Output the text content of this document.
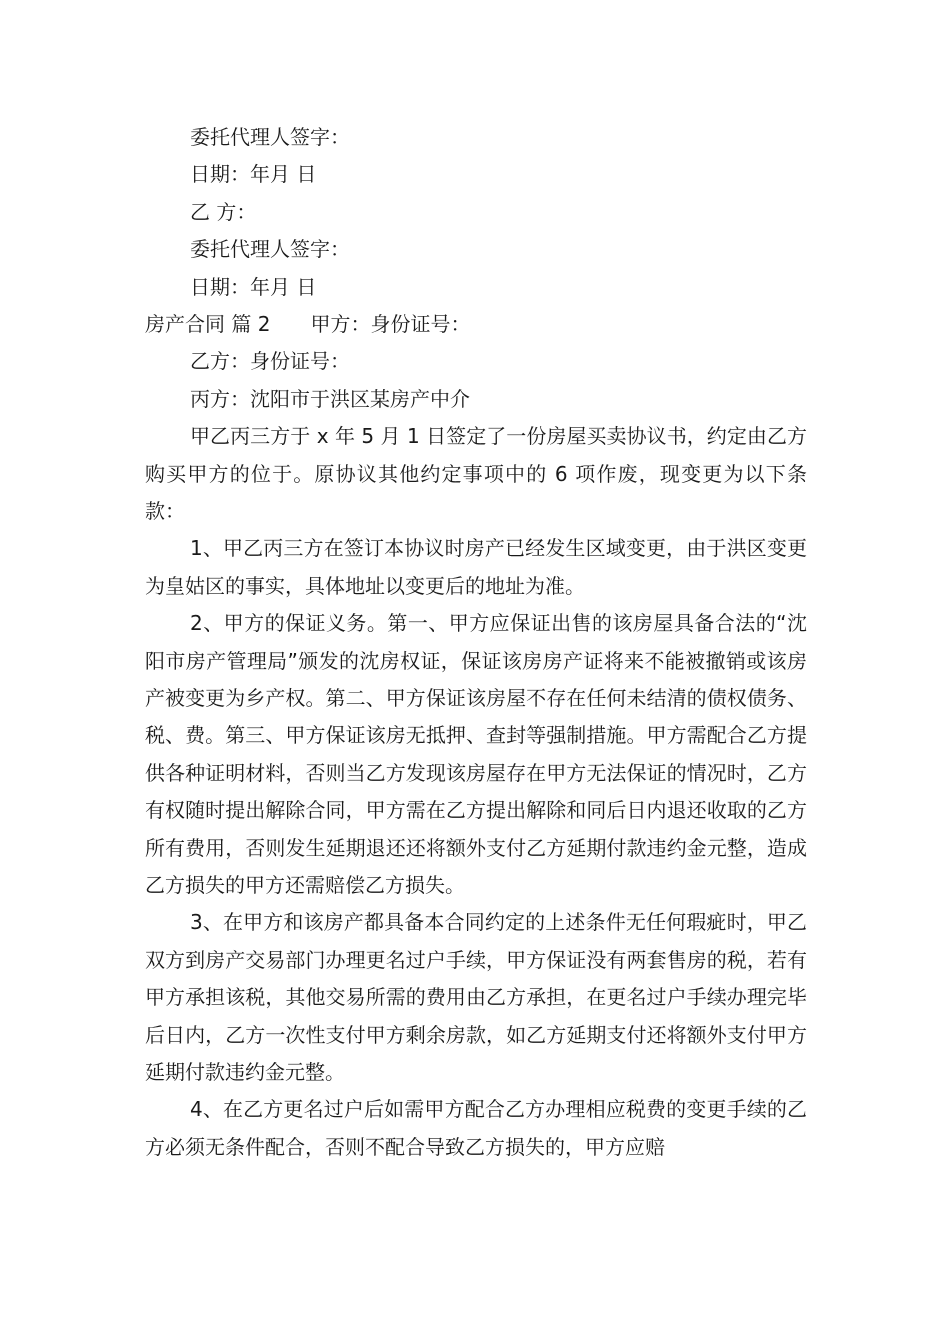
委托代理人签字：
日期：年月 日
乙 方：
委托代理人签字：
日期：年月 日
房产合同 篇 2 甲方：身份证号：
乙方：身份证号：
丙方：沈阳市于洪区某房产中介
甲乙丙三方于 x 年 5 月 1 日签定了一份房屋买卖协议书，约定由乙方购买甲方的位于。原协议其他约定事项中的 6 项作废，现变更为以下条款：
1、甲乙丙三方在签订本协议时房产已经发生区域变更，由于洪区变更为皇姑区的事实，具体地址以变更后的地址为准。
2、甲方的保证义务。第一、甲方应保证出售的该房屋具备合法的“沈阳市房产管理局”颁发的沈房权证，保证该房房产证将来不能被撤销或该房产被变更为乡产权。第二、甲方保证该房屋不存在任何未结清的债权债务、税、费。第三、甲方保证该房无抵押、查封等强制措施。甲方需配合乙方提供各种证明材料，否则当乙方发现该房屋存在甲方无法保证的情况时，乙方有权随时提出解除合同，甲方需在乙方提出解除和同后日内退还收取的乙方所有费用，否则发生延期退还还将额外支付乙方延期付款违约金元整，造成乙方损失的甲方还需赔偿乙方损失。
3、在甲方和该房产都具备本合同约定的上述条件无任何瑕疵时，甲乙双方到房产交易部门办理更名过户手续，甲方保证没有两套售房的税，若有甲方承担该税，其他交易所需的费用由乙方承担，在更名过户手续办理完毕后日内，乙方一次性支付甲方剩余房款，如乙方延期支付还将额外支付甲方延期付款违约金元整。
4、在乙方更名过户后如需甲方配合乙方办理相应税费的变更手续的乙方必须无条件配合，否则不配合导致乙方损失的，甲方应赔
